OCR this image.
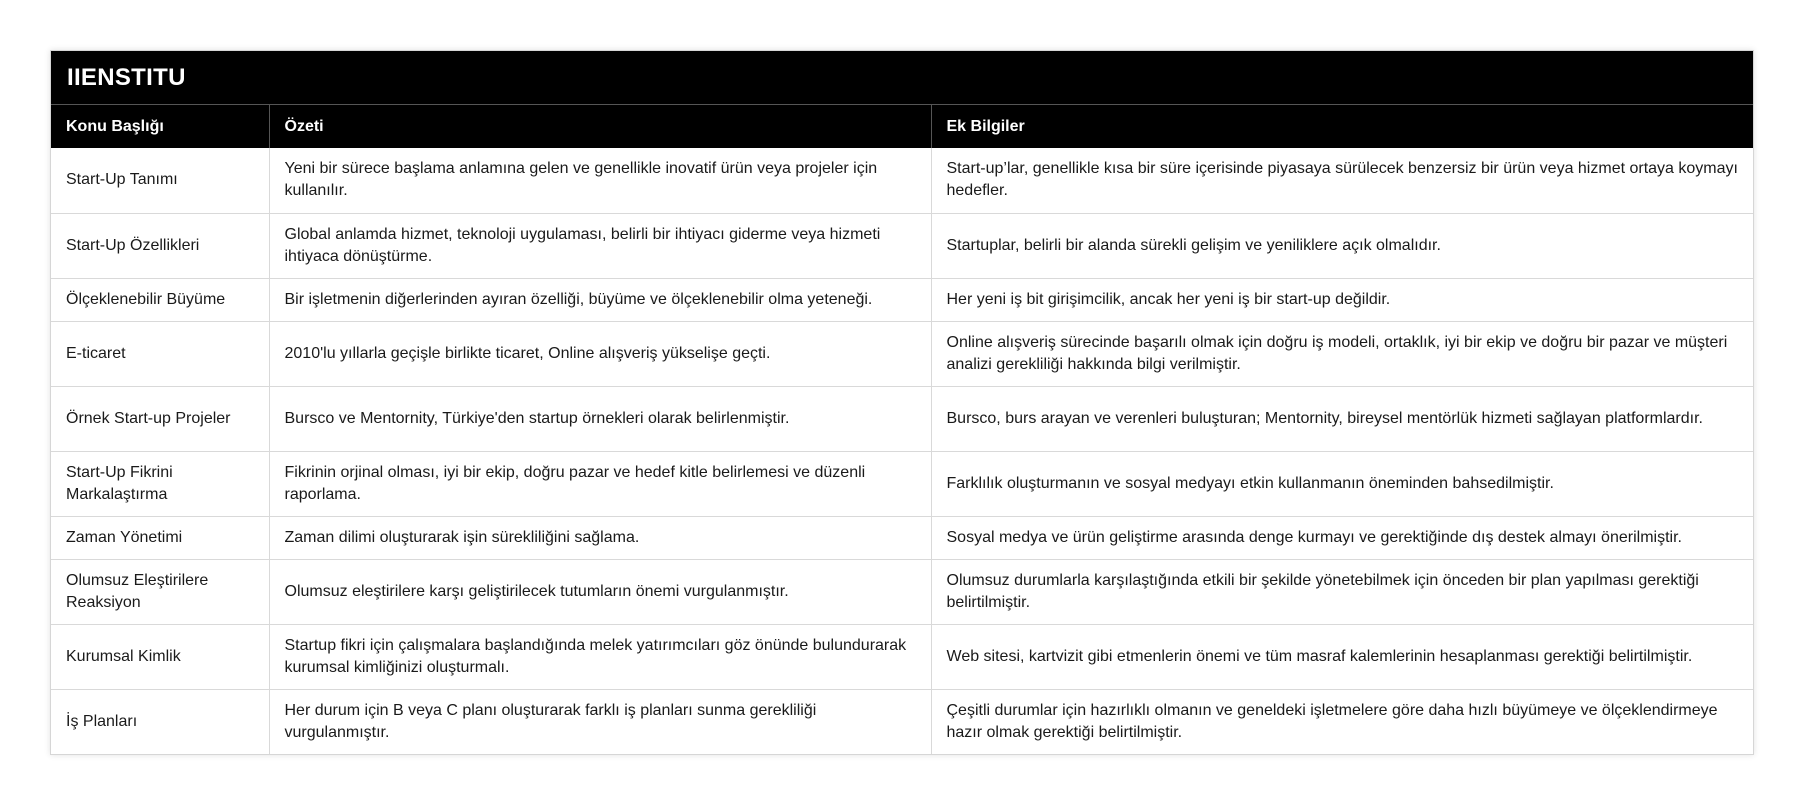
IIENSTITU
Konu Başlığı	Özeti	Ek Bilgiler
Start-Up Tanımı	Yeni bir sürece başlama anlamına gelen ve genellikle inovatif ürün veya projeler için kullanılır.	Start-up’lar, genellikle kısa bir süre içerisinde piyasaya sürülecek benzersiz bir ürün veya hizmet ortaya koymayı hedefler.
Start-Up Özellikleri	Global anlamda hizmet, teknoloji uygulaması, belirli bir ihtiyacı giderme veya hizmeti ihtiyaca dönüştürme.	Startuplar, belirli bir alanda sürekli gelişim ve yeniliklere açık olmalıdır.
Ölçeklenebilir Büyüme	Bir işletmenin diğerlerinden ayıran özelliği, büyüme ve ölçeklenebilir olma yeteneği.	Her yeni iş bit girişimcilik, ancak her yeni iş bir start-up değildir.
E-ticaret	2010'lu yıllarla geçişle birlikte ticaret, Online alışveriş yükselişe geçti.	Online alışveriş sürecinde başarılı olmak için doğru iş modeli, ortaklık, iyi bir ekip ve doğru bir pazar ve müşteri analizi gerekliliği hakkında bilgi verilmiştir.
Örnek Start-up Projeler	Bursco ve Mentornity, Türkiye'den startup örnekleri olarak belirlenmiştir.	Bursco, burs arayan ve verenleri buluşturan; Mentornity, bireysel mentörlük hizmeti sağlayan platformlardır.
Start-Up Fikrini Markalaştırma	Fikrinin orjinal olması, iyi bir ekip, doğru pazar ve hedef kitle belirlemesi ve düzenli raporlama.	Farklılık oluşturmanın ve sosyal medyayı etkin kullanmanın öneminden bahsedilmiştir.
Zaman Yönetimi	Zaman dilimi oluşturarak işin sürekliliğini sağlama.	Sosyal medya ve ürün geliştirme arasında denge kurmayı ve gerektiğinde dış destek almayı önerilmiştir.
Olumsuz Eleştirilere Reaksiyon	Olumsuz eleştirilere karşı geliştirilecek tutumların önemi vurgulanmıştır.	Olumsuz durumlarla karşılaştığında etkili bir şekilde yönetebilmek için önceden bir plan yapılması gerektiği belirtilmiştir.
Kurumsal Kimlik	Startup fikri için çalışmalara başlandığında melek yatırımcıları göz önünde bulundurarak kurumsal kimliğinizi oluşturmalı.	Web sitesi, kartvizit gibi etmenlerin önemi ve tüm masraf kalemlerinin hesaplanması gerektiği belirtilmiştir.
İş Planları	Her durum için B veya C planı oluşturarak farklı iş planları sunma gerekliliği vurgulanmıştır.	Çeşitli durumlar için hazırlıklı olmanın ve geneldeki işletmelere göre daha hızlı büyümeye ve ölçeklendirmeye hazır olmak gerektiği belirtilmiştir.
